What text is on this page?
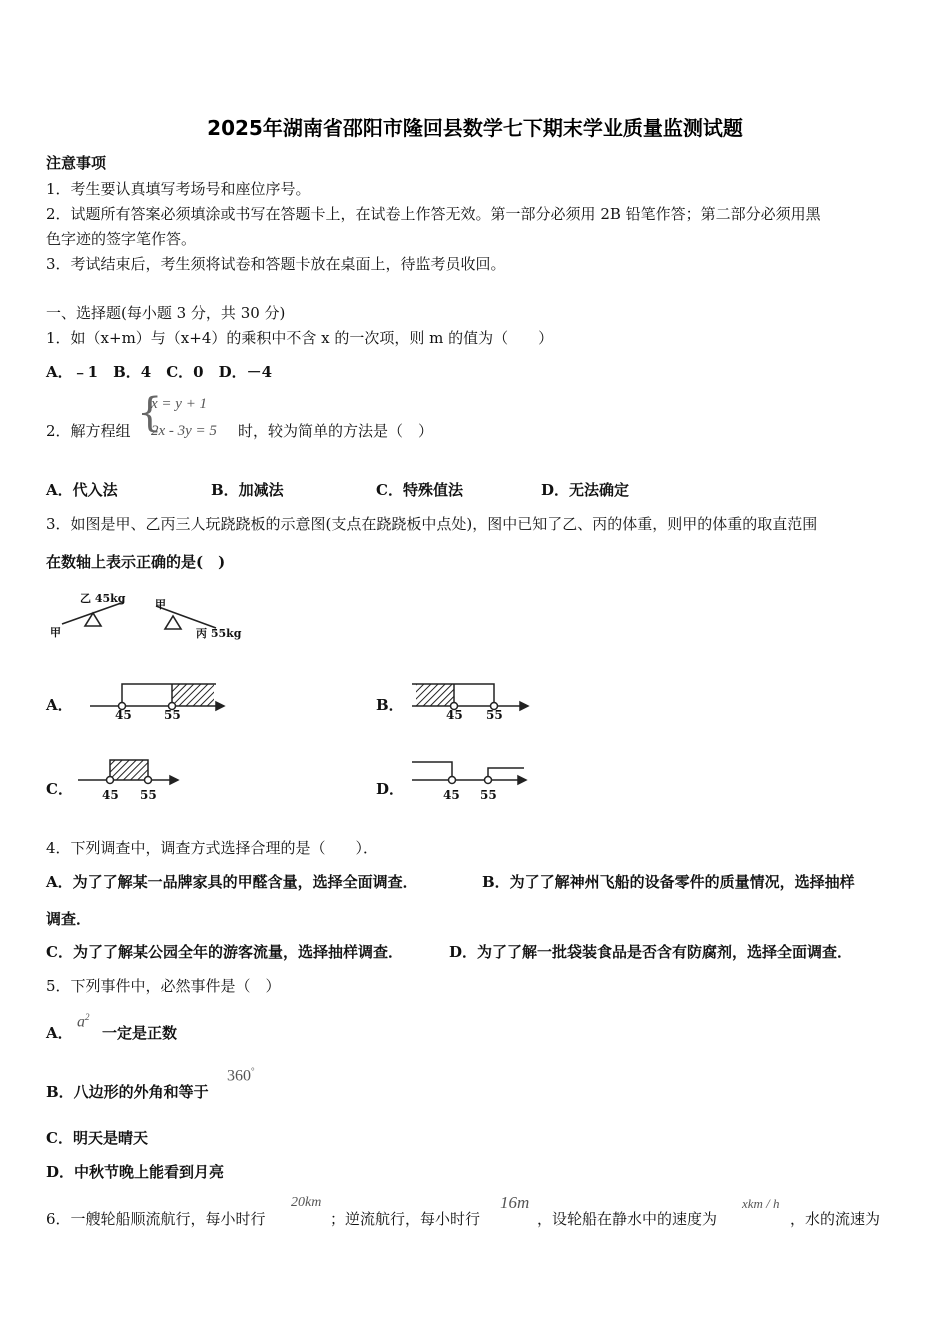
2025年湖南省邵阳市隆回县数学七下期末学业质量监测试题
注意事项
1．考生要认真填写考场号和座位序号。
2．试题所有答案必须填涂或书写在答题卡上，在试卷上作答无效。第一部分必须用 2B 铅笔作答；第二部分必须用黑
色字迹的签字笔作答。
3．考试结束后，考生须将试卷和答题卡放在桌面上，待监考员收回。
一、选择题(每小题 3 分，共 30 分)
1．如（x+m）与（x+4）的乘积中不含 x 的一次项，则 m 的值为（　　）
A．﹣1　B．4　C．0　D．－4
2．解方程组 {
x = y + 1
2x - 3y = 5 时，较为简单的方法是（　）
A．代入法	B．加减法	C．特殊值法	D．无法确定
3．如图是甲、乙丙三人玩跷跷板的示意图(支点在跷跷板中点处)，图中已知了乙、丙的体重，则甲的体重的取直范围
在数轴上表示正确的是(　)
乙 45kg
甲
甲
丙 55kg
A．
45	55
B．
45 55
C． 45 55	D．	45 55
4．下列调查中，调查方式选择合理的是（　　）．
A．为了了解某一品牌家具的甲醛含量，选择全面调查．	B．为了了解神州飞船的设备零件的质量情况，选择抽样
调查．
C．为了了解某公园全年的游客流量，选择抽样调查．	D．为了了解一批袋装食品是否含有防腐剂，选择全面调查．
5．下列事件中，必然事件是（　）
A．
$a^2$
一定是正数
B．八边形的外角和等于
360°
C．明天是晴天
D．中秋节晚上能看到月亮
6．一艘轮船顺流航行，每小时行
20km
；逆流航行，每小时行
16m
，设轮船在静水中的速度为
xkm / h
，水的流速为
